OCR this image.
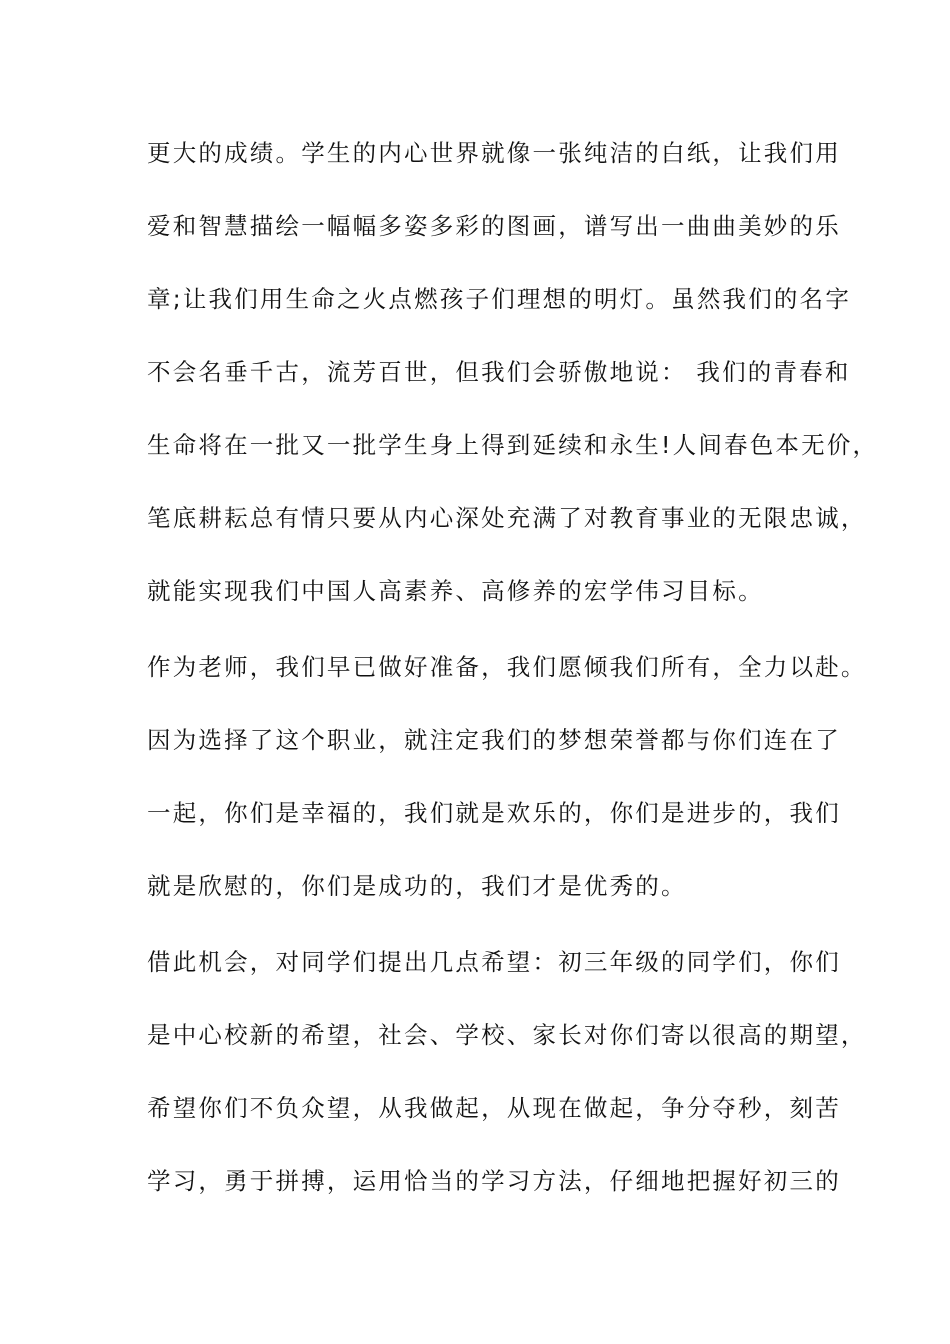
更大的成绩。学生的内心世界就像一张纯洁的白纸，让我们用
爱和智慧描绘一幅幅多姿多彩的图画，谱写出一曲曲美妙的乐
章;让我们用生命之火点燃孩子们理想的明灯。虽然我们的名字
不会名垂千古，流芳百世，但我们会骄傲地说： 我们的青春和
生命将在一批又一批学生身上得到延续和永生!人间春色本无价，
笔底耕耘总有情只要从内心深处充满了对教育事业的无限忠诚，
就能实现我们中国人高素养、高修养的宏学伟习目标。
作为老师，我们早已做好准备，我们愿倾我们所有，全力以赴。
因为选择了这个职业，就注定我们的梦想荣誉都与你们连在了
一起，你们是幸福的，我们就是欢乐的，你们是进步的，我们
就是欣慰的，你们是成功的，我们才是优秀的。
借此机会，对同学们提出几点希望：初三年级的同学们，你们
是中心校新的希望，社会、学校、家长对你们寄以很高的期望，
希望你们不负众望，从我做起，从现在做起，争分夺秒，刻苦
学习，勇于拼搏，运用恰当的学习方法，仔细地把握好初三的
